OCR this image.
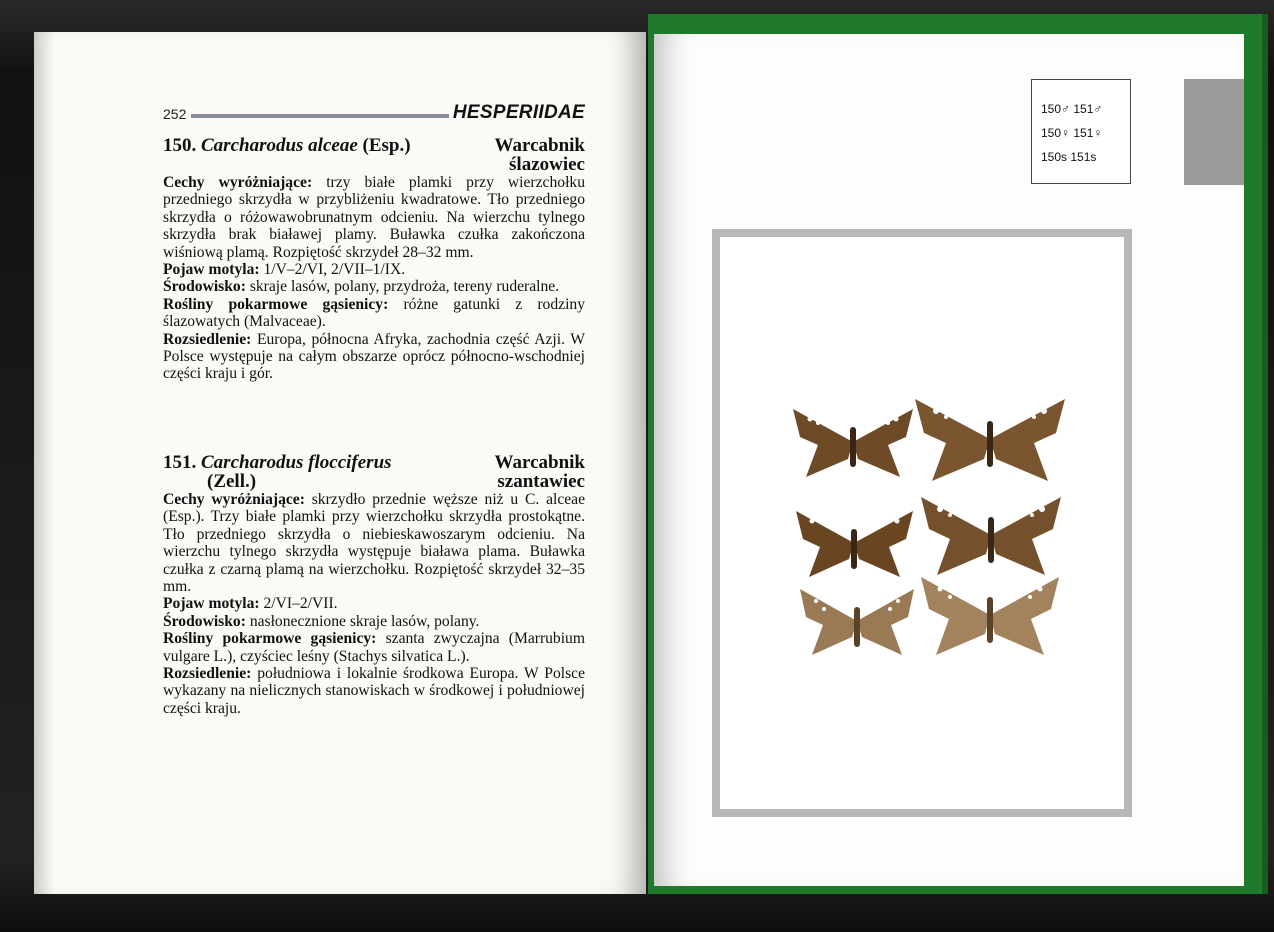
252	HESPERIIDAE
150. Carcharodus alceae (Esp.)	Warcabnik
ślazowiec

Cechy wyróżniające: trzy białe plamki przy wierzchołku przedniego skrzydła w przybliżeniu kwadratowe. Tło przedniego skrzydła o różowawobrunatnym odcieniu. Na wierzchu tylnego skrzydła brak białawej plamy. Buławka czułka zakończona wiśniową plamą. Rozpiętość skrzydeł 28–32 mm.

Pojaw motyla: 1/V–2/VI, 2/VII–1/IX.

Środowisko: skraje lasów, polany, przydroża, tereny ruderalne.

Rośliny pokarmowe gąsienicy: różne gatunki z rodziny ślazowatych (Malvaceae).

Rozsiedlenie: Europa, północna Afryka, zachodnia część Azji. W Polsce występuje na całym obszarze oprócz północno-wschodniej części kraju i gór.

151. Carcharodus flocciferus
(Zell.)
Warcabnik
szantawiec

Cechy wyróżniające: skrzydło przednie węższe niż u C. alceae (Esp.). Trzy białe plamki przy wierzchołku skrzydła prostokątne. Tło przedniego skrzydła o niebieskawoszarym odcieniu. Na wierzchu tylnego skrzydła występuje biaława plama. Buławka czułka z czarną plamą na wierzchołku. Rozpiętość skrzydeł 32–35 mm.

Pojaw motyla: 2/VI–2/VII.

Środowisko: nasłonecznione skraje lasów, polany.

Rośliny pokarmowe gąsienicy: szanta zwyczajna (Marrubium vulgare L.), czyściec leśny (Stachys silvatica L.).

Rozsiedlenie: południowa i lokalnie środkowa Europa. W Polsce wykazany na nielicznych stanowiskach w środkowej i południowej części kraju.

150♂ 151♂
150♀ 151♀
150s 151s
